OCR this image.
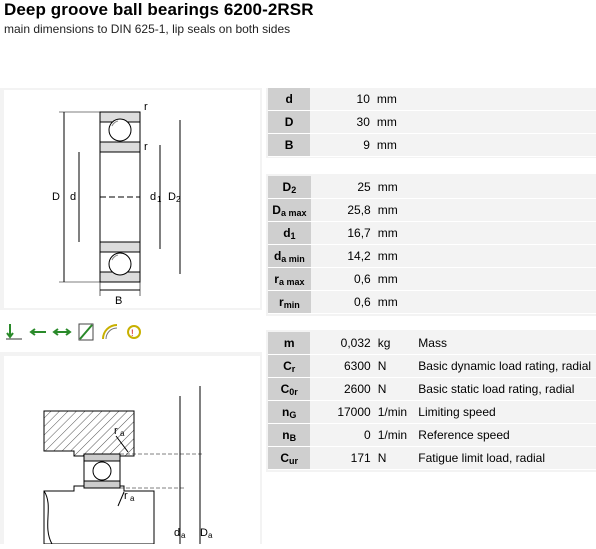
Deep groove ball bearings 6200-2RSR
main dimensions to DIN 625-1, lip seals on both sides
r
r
D d	d 1 D 2
B
!
r a
r a
d a D a
d	10	mm	
D	30	mm	
B	9	mm	
$D_2$	25	mm	
$D_{a max}$	25,8	mm	
$d_1$	16,7	mm	
$d_{a min}$	14,2	mm	
$r_{a max}$	0,6	mm	
$r_{min}$	0,6	mm	
m	0,032	kg	Mass
$C_r$	6300	N	Basic dynamic load rating, radial
$C_{0r}$	2600	N	Basic static load rating, radial
$n_G$	17000	1/min	Limiting speed
$n_B$	0	1/min	Reference speed
$C_{ur}$	171	N	Fatigue limit load, radial
